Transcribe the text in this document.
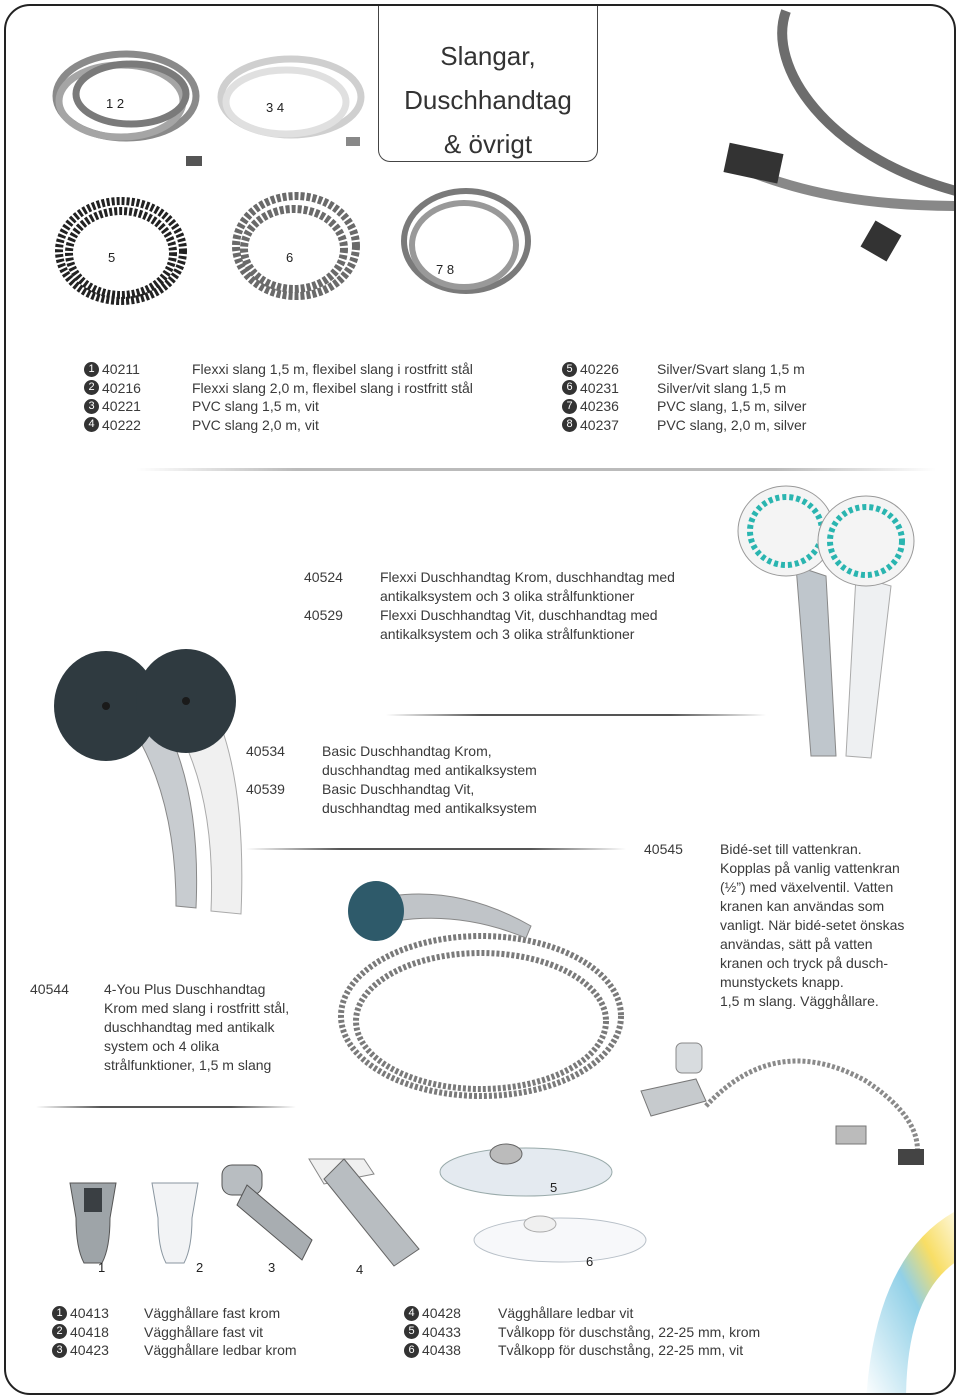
Slangar,
Duschhandtag
& övrigt
1 2	3 4
5	6
7 8
1 40211	Flexxi slang 1,5 m, flexibel slang i rostfritt stål
2 40216	Flexxi slang 2,0 m, flexibel slang i rostfritt stål
3 40221	PVC slang 1,5 m, vit
4 40222	PVC slang 2,0 m, vit
5 40226	Silver/Svart slang 1,5 m
6 40231	Silver/vit slang 1,5 m
7 40236	PVC slang, 1,5 m, silver
8 40237	PVC slang, 2,0 m, silver
40524	Flexxi Duschhandtag Krom, duschhandtag med
antikalksystem och 3 olika strålfunktioner
40529	Flexxi Duschhandtag Vit, duschhandtag med
antikalksystem och 3 olika strålfunktioner
40534	Basic Duschhandtag Krom,
duschhandtag med antikalksystem
40539	Basic Duschhandtag Vit,
duschhandtag med antikalksystem
40545	Bidé-set till vattenkran.
Kopplas på vanlig vattenkran
(½”) med växelventil. Vatten
kranen kan användas som
vanligt. När bidé-setet önskas
användas, sätt på vatten
kranen och tryck på dusch-
munstyckets knapp.
1,5 m slang. Vägghållare.
40544	4-You Plus Duschhandtag
Krom med slang i rostfritt stål,
duschhandtag med antikalk
system och 4 olika
strålfunktioner, 1,5 m slang
1	2	3	4
5
6
1 40413	Vägghållare fast krom
2 40418	Vägghållare fast vit
3 40423	Vägghållare ledbar krom
4 40428	Vägghållare ledbar vit
5 40433	Tvålkopp för duschstång, 22-25 mm, krom
6 40438	Tvålkopp för duschstång, 22-25 mm, vit
